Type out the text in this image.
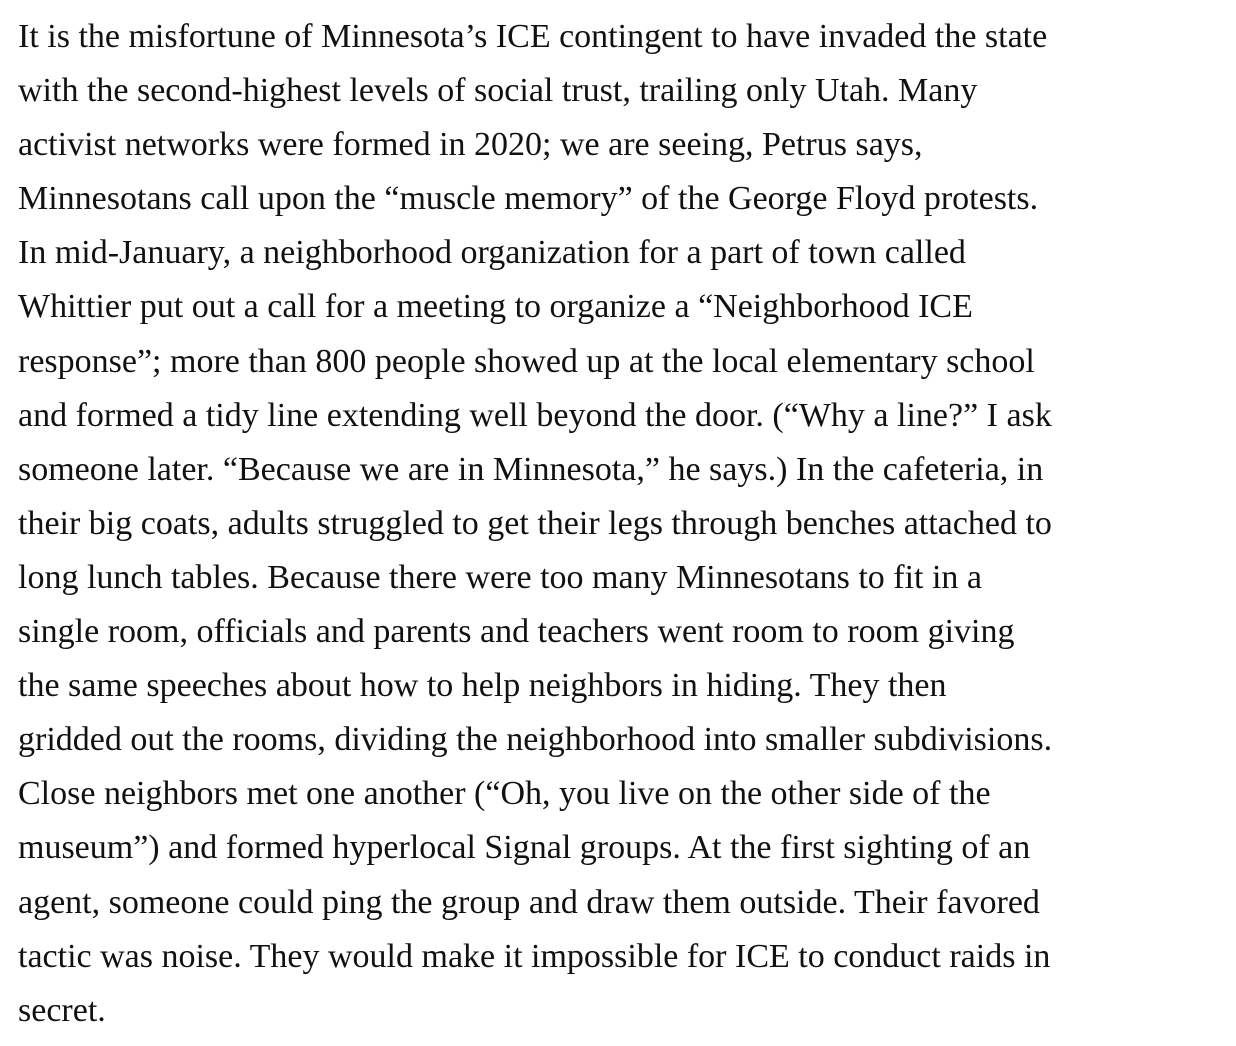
It is the misfortune of Minnesota’s ICE contingent to have invaded the state
with the second-highest levels of social trust, trailing only Utah. Many
activist networks were formed in 2020; we are seeing, Petrus says,
Minnesotans call upon the “muscle memory” of the George Floyd protests.
In mid-January, a neighborhood organization for a part of town called
Whittier put out a call for a meeting to organize a “Neighborhood ICE
response”; more than 800 people showed up at the local elementary school
and formed a tidy line extending well beyond the door. (“Why a line?” I ask
someone later. “Because we are in Minnesota,” he says.) In the cafeteria, in
their big coats, adults struggled to get their legs through benches attached to
long lunch tables. Because there were too many Minnesotans to fit in a
single room, officials and parents and teachers went room to room giving
the same speeches about how to help neighbors in hiding. They then
gridded out the rooms, dividing the neighborhood into smaller subdivisions.
Close neighbors met one another (“Oh, you live on the other side of the
museum”) and formed hyperlocal Signal groups. At the first sighting of an
agent, someone could ping the group and draw them outside. Their favored
tactic was noise. They would make it impossible for ICE to conduct raids in
secret.
